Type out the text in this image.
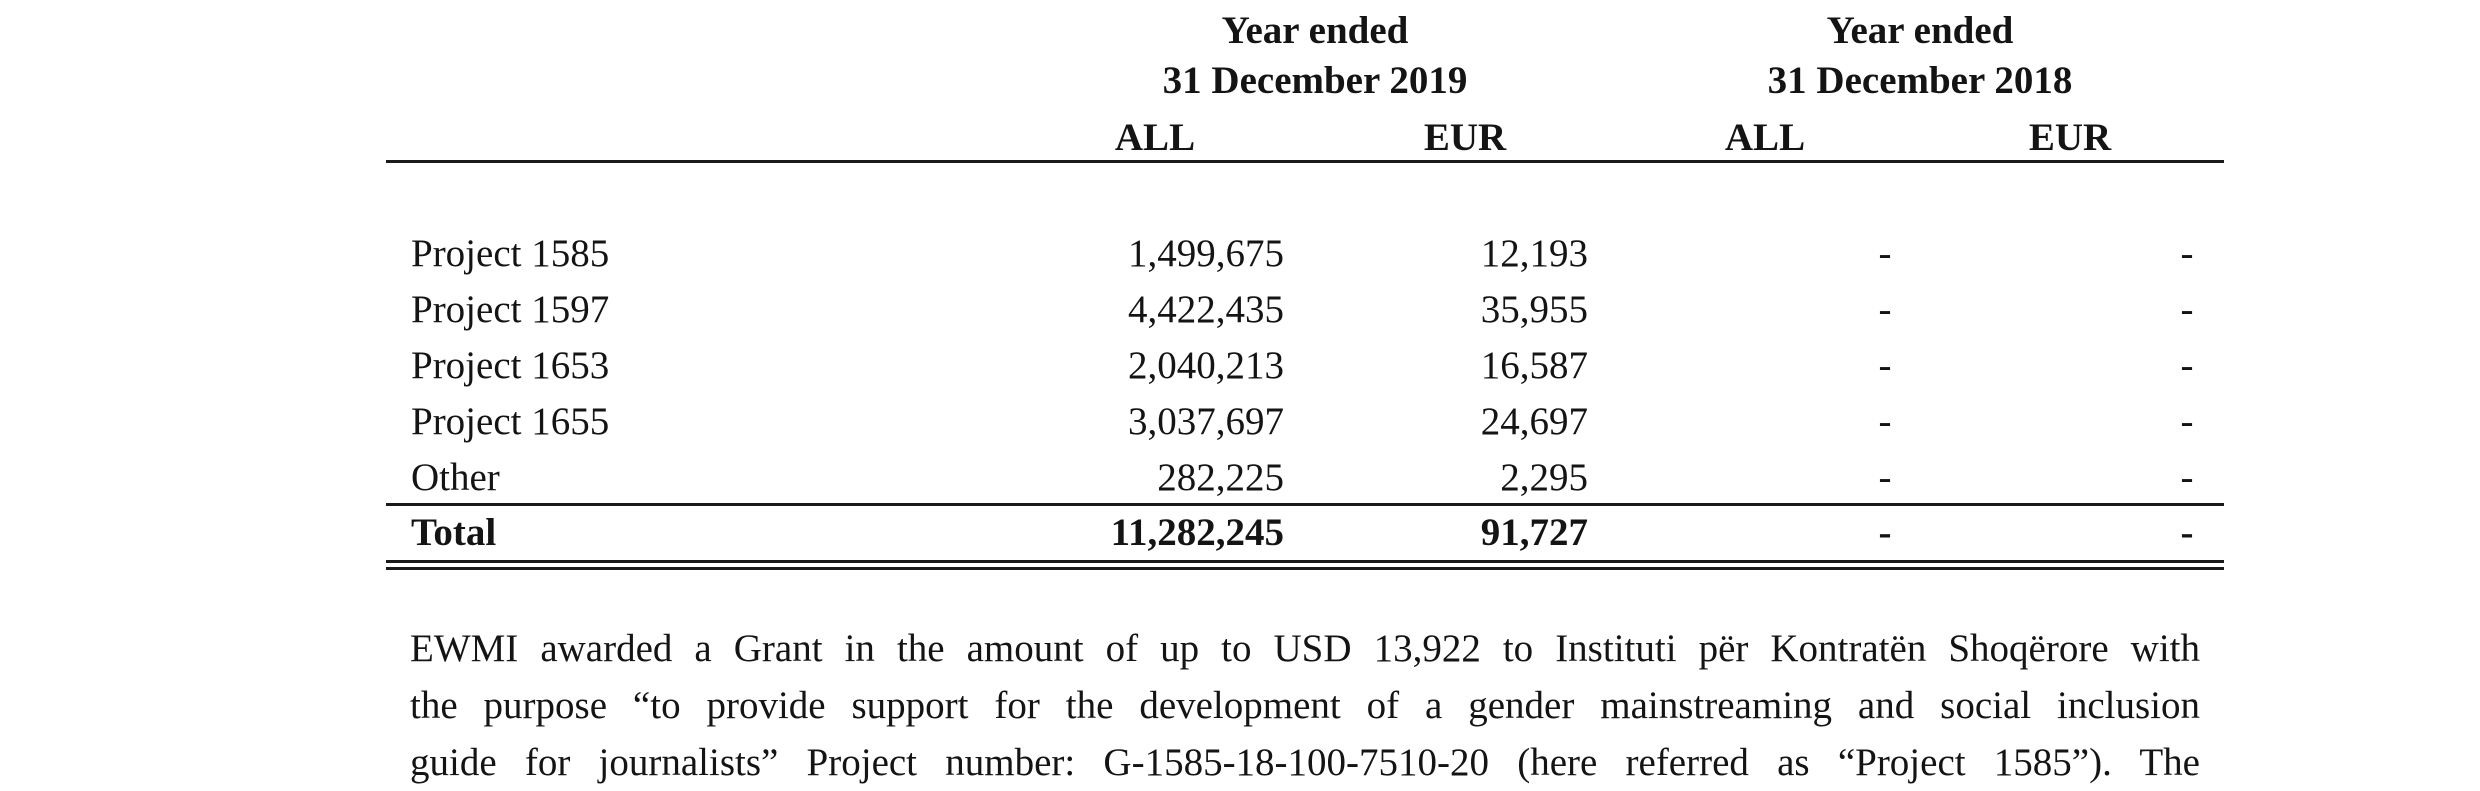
Year ended
31 December 2019
Year ended
31 December 2018
ALL	EUR	ALL	EUR
Project 1585	1,499,675	12,193	-	-
Project 1597	4,422,435	35,955	-	-
Project 1653	2,040,213	16,587	-	-
Project 1655	3,037,697	24,697	-	-
Other	282,225	2,295	-	-
Total	11,282,245	91,727	-	-
EWMI awarded a Grant in the amount of up to USD 13,922 to Instituti për Kontratën Shoqërore with
the purpose “to provide support for the development of a gender mainstreaming and social inclusion
guide for journalists” Project number: G-1585-18-100-7510-20 (here referred as “Project 1585”). The
